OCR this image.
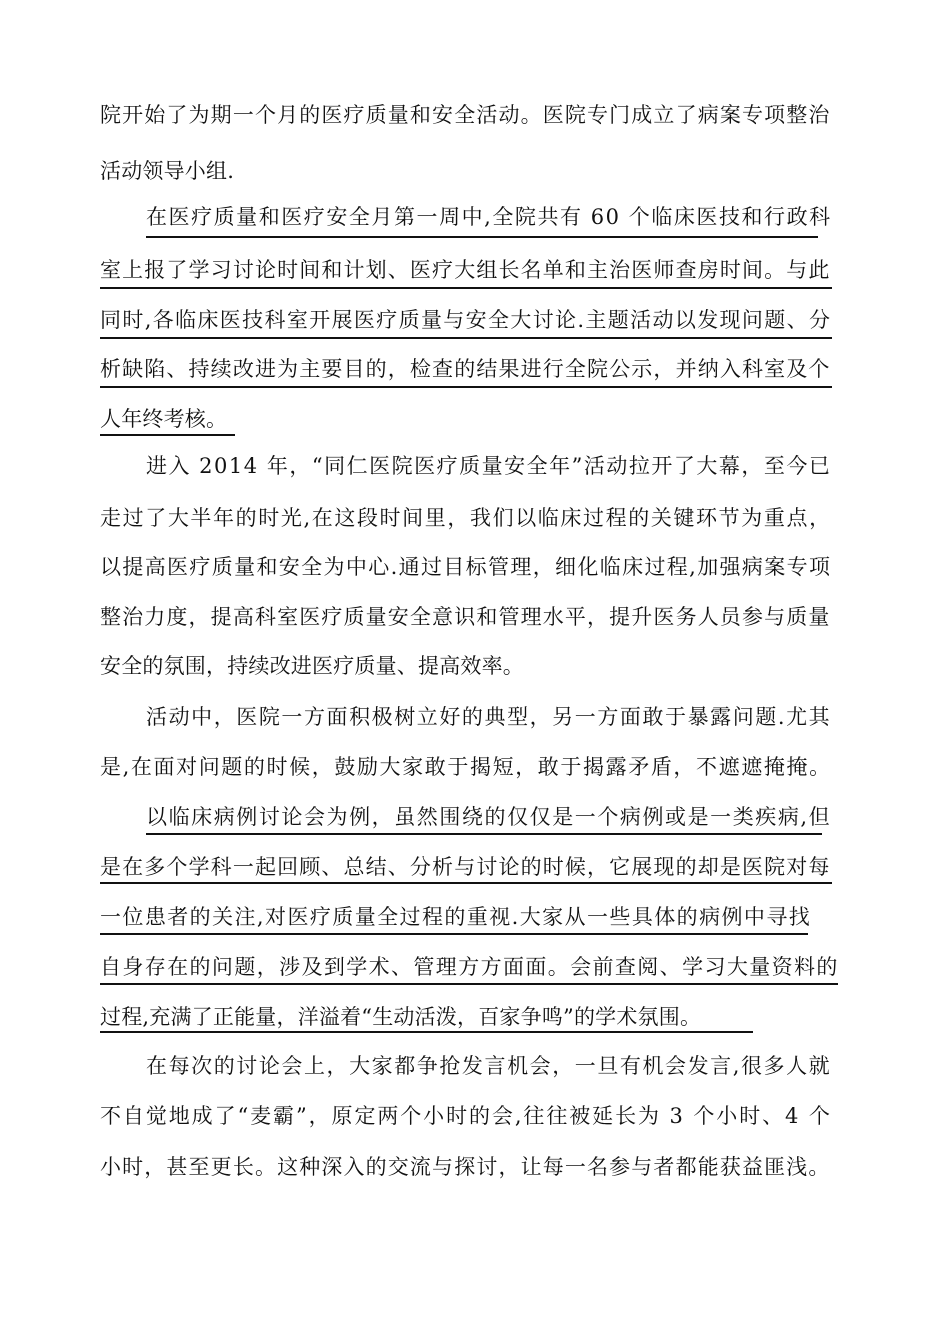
院开始了为期一个月的医疗质量和安全活动。医院专门成立了病案专项整治
活动领导小组.
在医疗质量和医疗安全月第一周中,全院共有 60 个临床医技和行政科
室上报了学习讨论时间和计划、医疗大组长名单和主治医师查房时间。与此
同时,各临床医技科室开展医疗质量与安全大讨论.主题活动以发现问题、分
析缺陷、持续改进为主要目的，检查的结果进行全院公示，并纳入科室及个
人年终考核。
进入 2014 年，“同仁医院医疗质量安全年”活动拉开了大幕，至今已
走过了大半年的时光,在这段时间里，我们以临床过程的关键环节为重点，
以提高医疗质量和安全为中心.通过目标管理，细化临床过程,加强病案专项
整治力度，提高科室医疗质量安全意识和管理水平，提升医务人员参与质量
安全的氛围，持续改进医疗质量、提高效率。
活动中，医院一方面积极树立好的典型，另一方面敢于暴露问题.尤其
是,在面对问题的时候，鼓励大家敢于揭短，敢于揭露矛盾，不遮遮掩掩。
以临床病例讨论会为例，虽然围绕的仅仅是一个病例或是一类疾病,但
是在多个学科一起回顾、总结、分析与讨论的时候，它展现的却是医院对每
一位患者的关注,对医疗质量全过程的重视.大家从一些具体的病例中寻找
自身存在的问题，涉及到学术、管理方方面面。会前查阅、学习大量资料的
过程,充满了正能量，洋溢着“生动活泼，百家争鸣”的学术氛围。
在每次的讨论会上，大家都争抢发言机会，一旦有机会发言,很多人就
不自觉地成了“麦霸”，原定两个小时的会,往往被延长为 3 个小时、4 个
小时，甚至更长。这种深入的交流与探讨，让每一名参与者都能获益匪浅。
